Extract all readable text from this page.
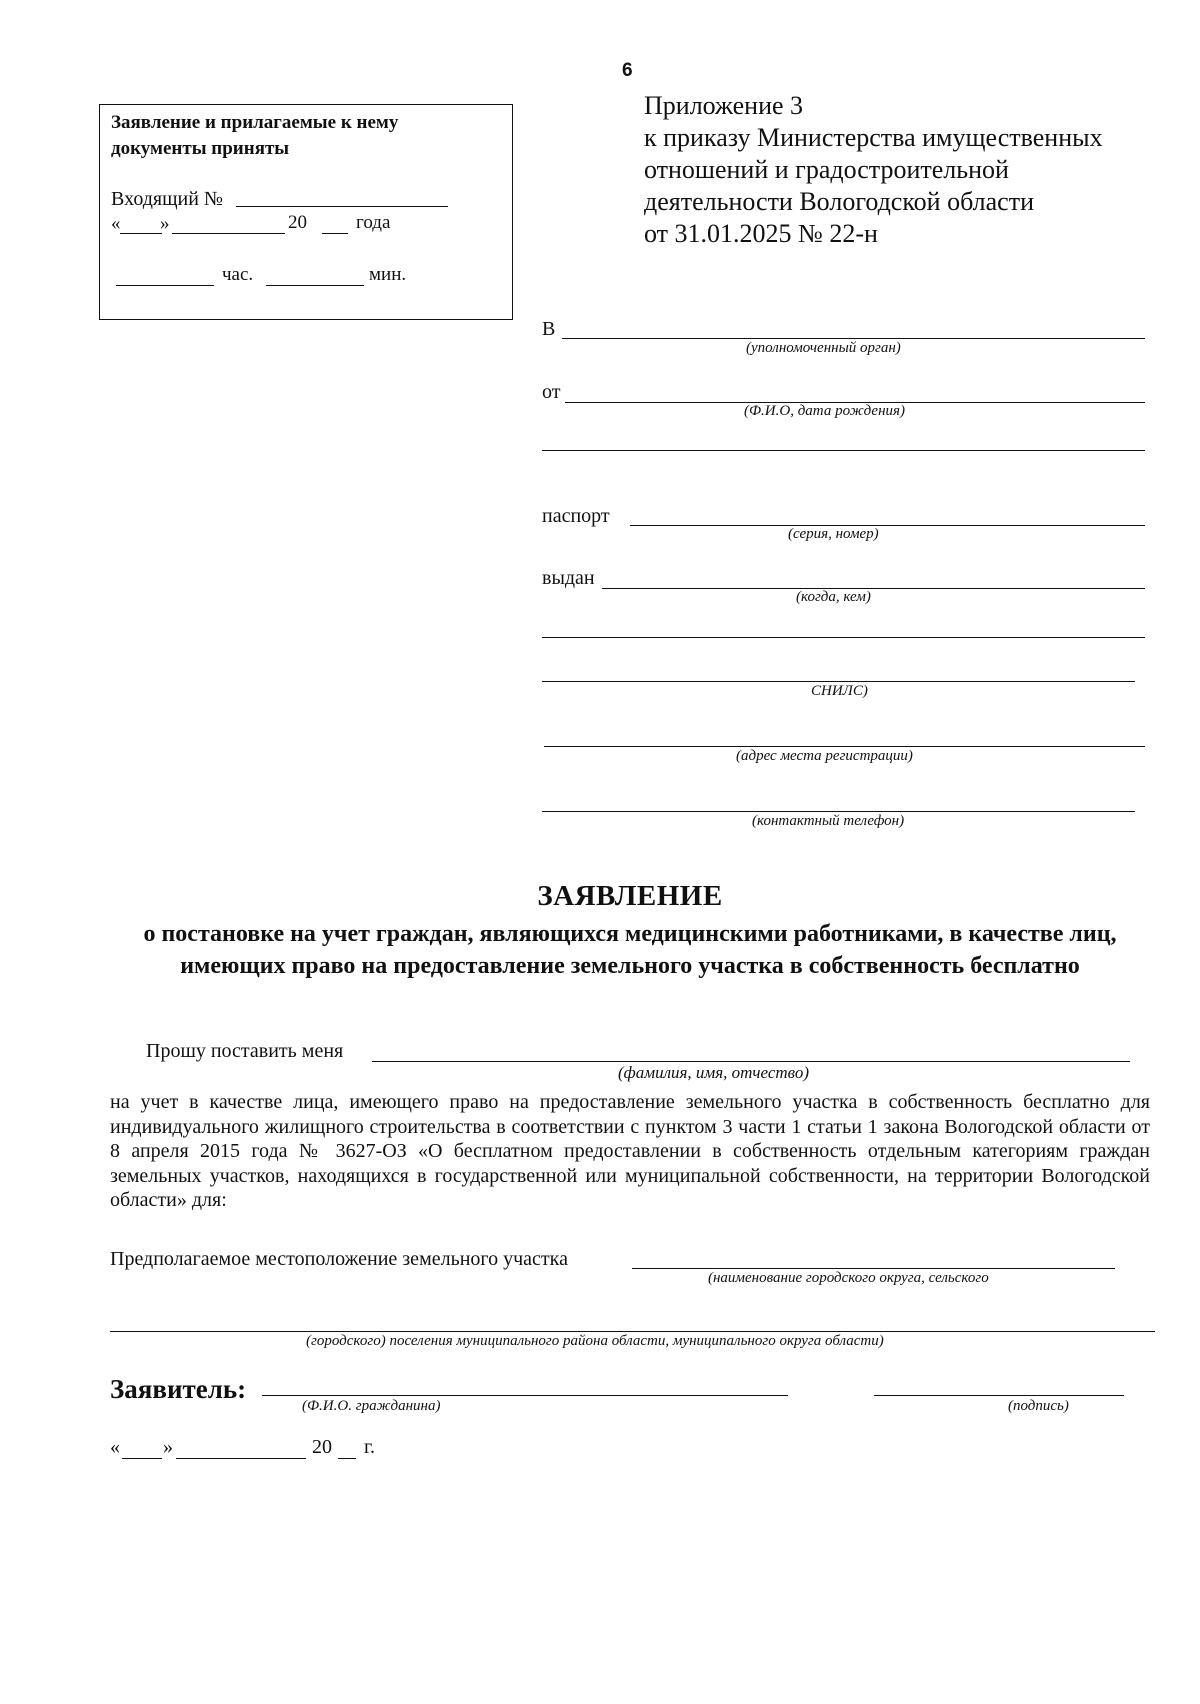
6
Заявление и прилагаемые к нему документы приняты
Входящий №
« »	20	года
час.	мин.
Приложение 3
к приказу Министерства имущественных
отношений и градостроительной
деятельности Вологодской области
от 31.01.2025 № 22-н
В
(уполномоченный орган)
от
(Ф.И.О, дата рождения)
паспорт
(серия, номер)
выдан
(когда, кем)
СНИЛС)
(адрес места регистрации)
(контактный телефон)
ЗАЯВЛЕНИЕ
о постановке на учет граждан, являющихся медицинскими работниками, в качестве лиц, имеющих право на предоставление земельного участка в собственность бесплатно
Прошу поставить меня
(фамилия, имя, отчество)
на учет в качестве лица, имеющего право на предоставление земельного участка в собственность бесплатно для индивидуального жилищного строительства в соответствии с пунктом 3 части 1 статьи 1 закона Вологодской области от 8 апреля 2015 года № 3627-ОЗ «О бесплатном предоставлении в собственность отдельным категориям граждан земельных участков, находящихся в государственной или муниципальной собственности, на территории Вологодской области» для:
Предполагаемое местоположение земельного участка
(наименование городского округа, сельского
(городского) поселения муниципального района области, муниципального округа области)
Заявитель:
(Ф.И.О. гражданина)	(подпись)
« »	20 г.
